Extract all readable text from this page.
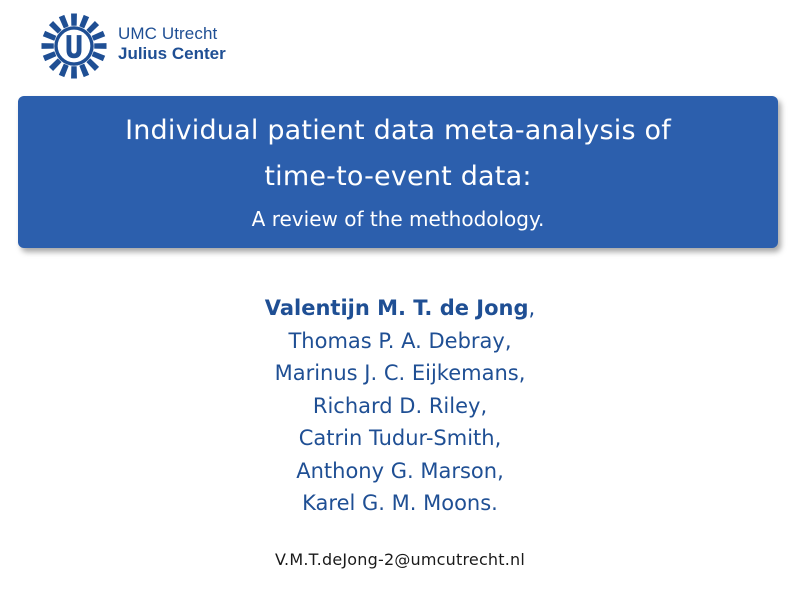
UMC Utrecht
Julius Center
Individual patient data meta-analysis of
time-to-event data:
A review of the methodology.
Valentijn M. T. de Jong,
Thomas P. A. Debray,
Marinus J. C. Eijkemans,
Richard D. Riley,
Catrin Tudur-Smith,
Anthony G. Marson,
Karel G. M. Moons.
V.M.T.deJong-2@umcutrecht.nl
